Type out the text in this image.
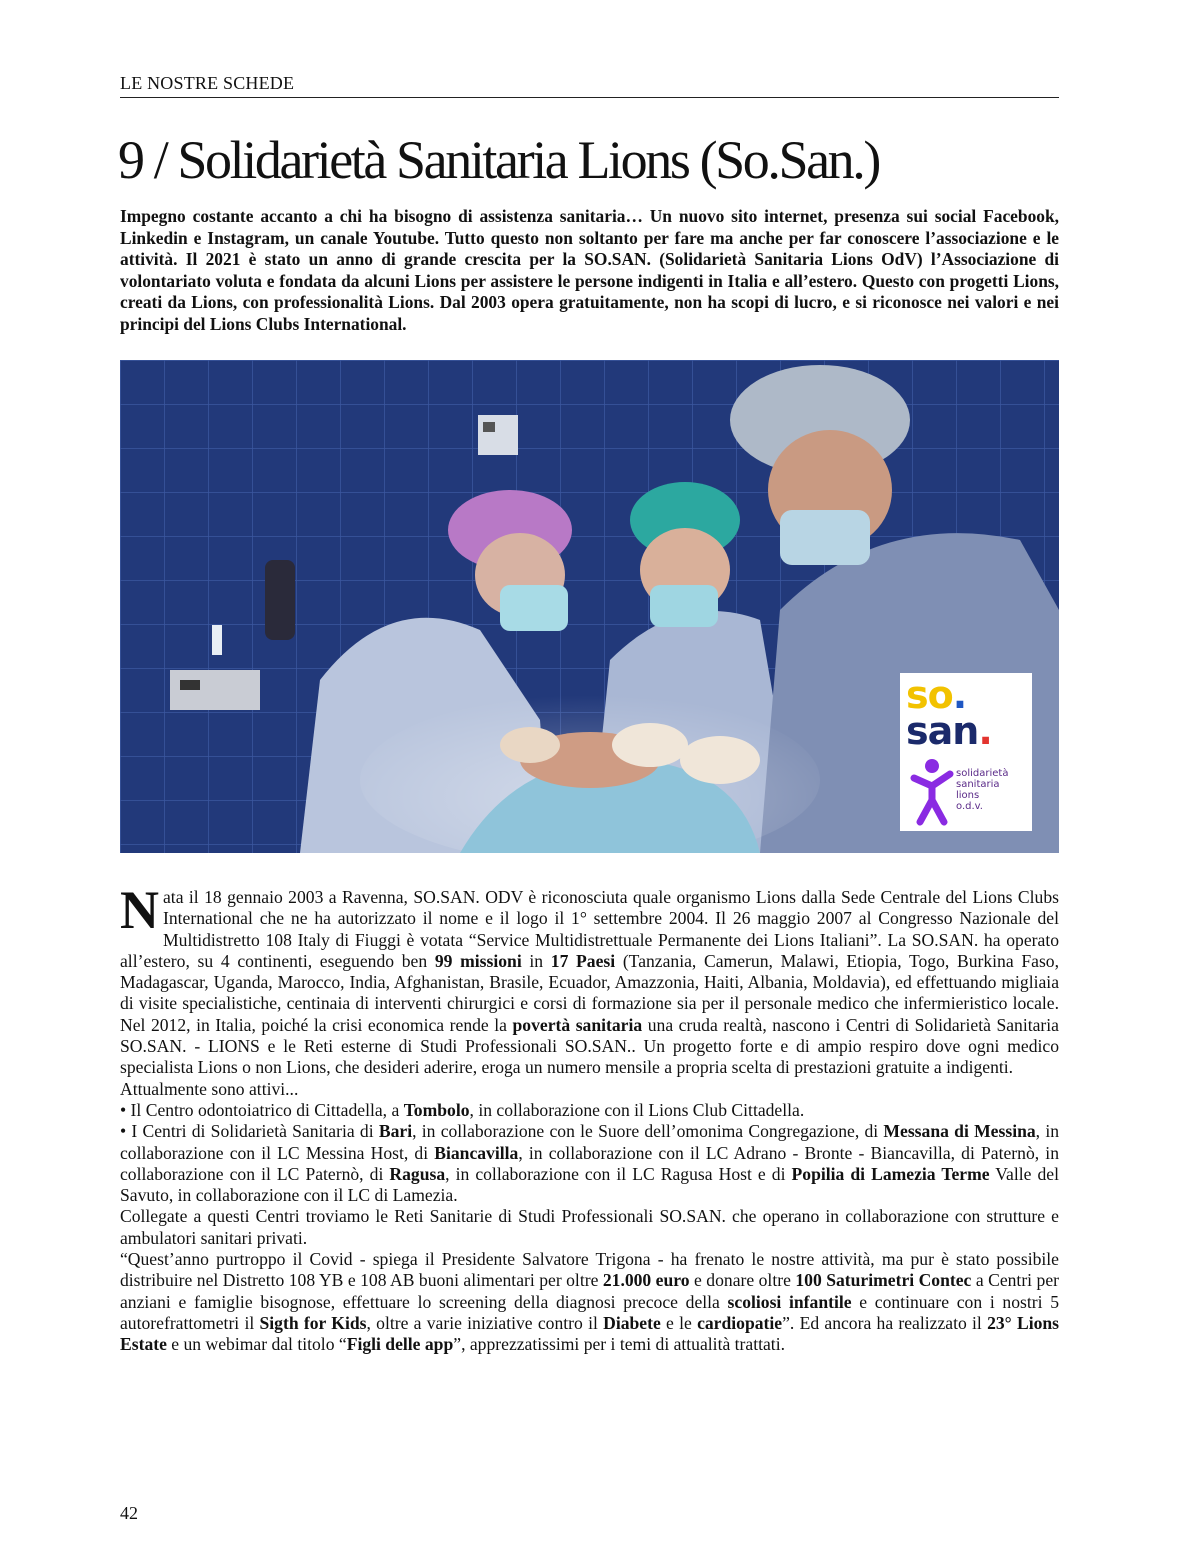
LE NOSTRE SCHEDE
9 / Solidarietà Sanitaria Lions (So.San.)

Impegno costante accanto a chi ha bisogno di assistenza sanitaria… Un nuovo sito internet, presenza sui social Facebook, Linkedin e Instagram, un canale Youtube. Tutto questo non soltanto per fare ma anche per far conoscere l’associazione e le attività. Il 2021 è stato un anno di grande crescita per la SO.SAN. (Solidarietà Sanitaria Lions OdV) l’Associazione di volontariato voluta e fondata da alcuni Lions per assistere le persone indigenti in Italia e all’estero. Questo con progetti Lions, creati da Lions, con professionalità Lions. Dal 2003 opera gratuitamente, non ha scopi di lucro, e si riconosce nei valori e nei principi del Lions Clubs International.

so.
san.
solidarietà
sanitaria
lions
o.d.v.

Nata il 18 gennaio 2003 a Ravenna, SO.SAN. ODV è riconosciuta quale organismo Lions dalla Sede Centrale del Lions Clubs International che ne ha autorizzato il nome e il logo il 1° settembre 2004. Il 26 maggio 2007 al Congresso Nazionale del Multidistretto 108 Italy di Fiuggi è votata “Service Multidistrettuale Permanente dei Lions Italiani”. La SO.SAN. ha operato all’estero, su 4 continenti, eseguendo ben 99 missioni in 17 Paesi (Tanzania, Camerun, Malawi, Etiopia, Togo, Burkina Faso, Madagascar, Uganda, Marocco, India, Afghanistan, Brasile, Ecuador, Amazzonia, Haiti, Albania, Moldavia), ed effettuando migliaia di visite specialistiche, centinaia di interventi chirurgici e corsi di formazione sia per il personale medico che infermieristico locale. Nel 2012, in Italia, poiché la crisi economica rende la povertà sanitaria una cruda realtà, nascono i Centri di Solidarietà Sanitaria SO.SAN. - LIONS e le Reti esterne di Studi Professionali SO.SAN.. Un progetto forte e di ampio respiro dove ogni medico specialista Lions o non Lions, che desideri aderire, eroga un numero mensile a propria scelta di prestazioni gratuite a indigenti.

Attualmente sono attivi...

• Il Centro odontoiatrico di Cittadella, a Tombolo, in collaborazione con il Lions Club Cittadella.

• I Centri di Solidarietà Sanitaria di Bari, in collaborazione con le Suore dell’omonima Congregazione, di Messana di Messina, in collaborazione con il LC Messina Host, di Biancavilla, in collaborazione con il LC Adrano - Bronte - Biancavilla, di Paternò, in collaborazione con il LC Paternò, di Ragusa, in collaborazione con il LC Ragusa Host e di Popilia di Lamezia Terme Valle del Savuto, in collaborazione con il LC di Lamezia.

Collegate a questi Centri troviamo le Reti Sanitarie di Studi Professionali SO.SAN. che operano in collaborazione con strutture e ambulatori sanitari privati.

“Quest’anno purtroppo il Covid - spiega il Presidente Salvatore Trigona - ha frenato le nostre attività, ma pur è stato possibile distribuire nel Distretto 108 YB e 108 AB buoni alimentari per oltre 21.000 euro e donare oltre 100 Saturimetri Contec a Centri per anziani e famiglie bisognose, effettuare lo screening della diagnosi precoce della scoliosi infantile e continuare con i nostri 5 autorefrattometri il Sigth for Kids, oltre a varie iniziative contro il Diabete e le cardiopatie”. Ed ancora ha realizzato il 23° Lions Estate e un webimar dal titolo “Figli delle app”, apprezzatissimi per i temi di attualità trattati.

42
